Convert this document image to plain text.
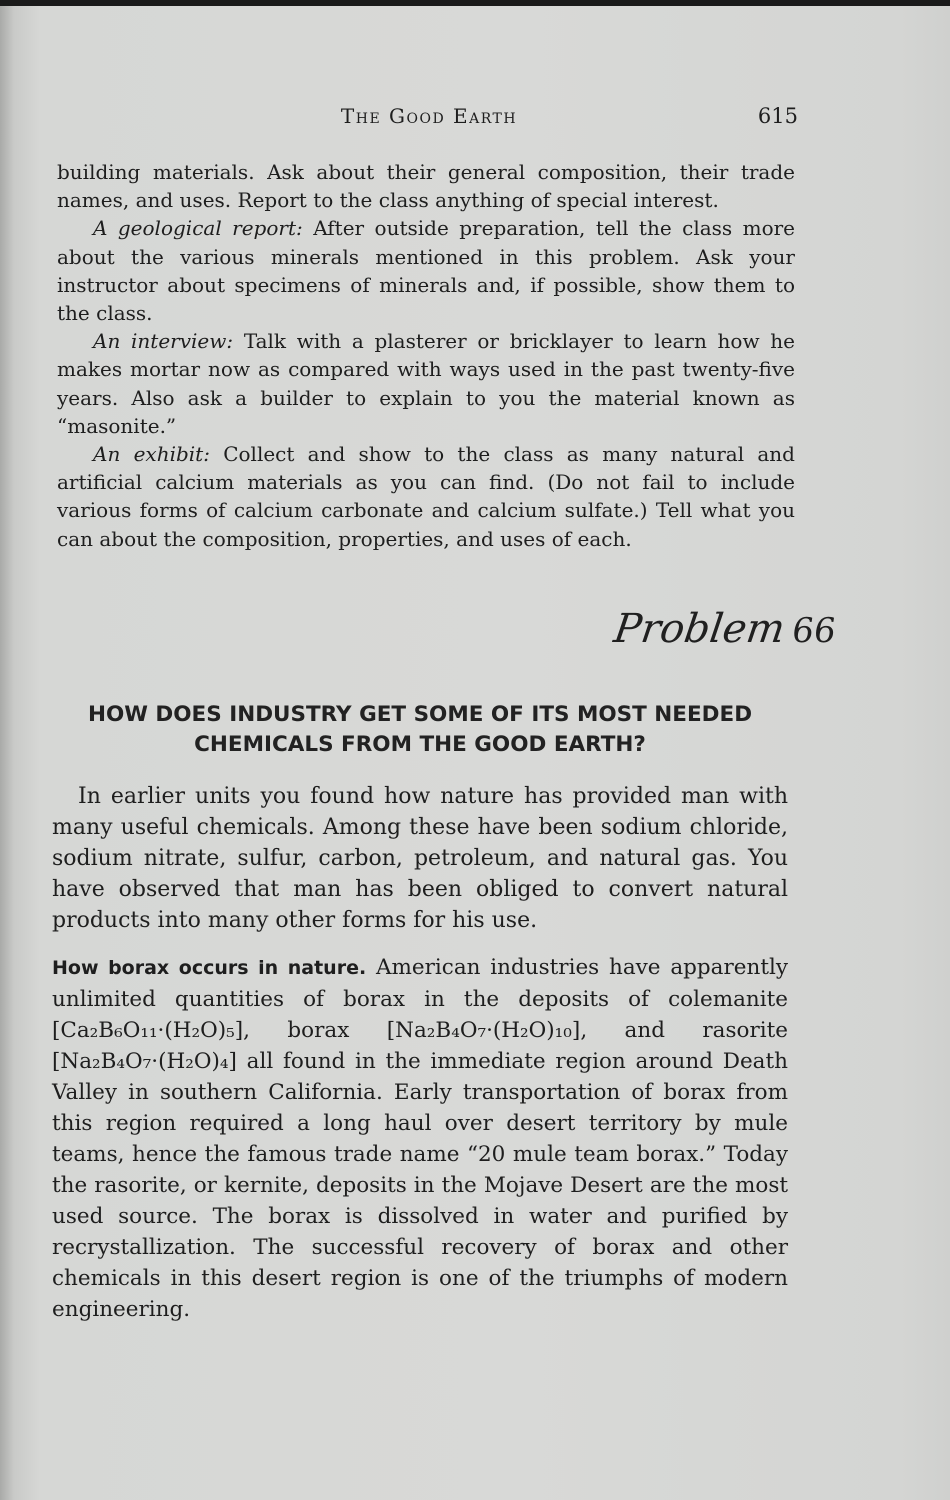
The Good Earth	615

building materials. Ask about their general composition, their trade names, and uses. Report to the class anything of special interest.

A geological report: After outside preparation, tell the class more about the various minerals mentioned in this problem. Ask your instructor about specimens of minerals and, if possible, show them to the class.

An interview: Talk with a plasterer or bricklayer to learn how he makes mortar now as compared with ways used in the past twenty-five years. Also ask a builder to explain to you the material known as “masonite.”

An exhibit: Collect and show to the class as many natural and artificial calcium materials as you can find. (Do not fail to include various forms of calcium carbonate and calcium sulfate.) Tell what you can about the composition, properties, and uses of each.

Problem66
HOW DOES INDUSTRY GET SOME OF ITS MOST NEEDED CHEMICALS FROM THE GOOD EARTH?

In earlier units you found how nature has provided man with many useful chemicals. Among these have been sodium chloride, sodium nitrate, sulfur, carbon, petroleum, and natural gas. You have observed that man has been obliged to convert natural products into many other forms for his use.

How borax occurs in nature. American industries have apparently unlimited quantities of borax in the deposits of colemanite [Ca₂B₆O₁₁·(H₂O)₅], borax [Na₂B₄O₇·(H₂O)₁₀], and rasorite [Na₂B₄O₇·(H₂O)₄] all found in the immediate region around Death Valley in southern California. Early transportation of borax from this region required a long haul over desert territory by mule teams, hence the famous trade name “20 mule team borax.” Today the rasorite, or kernite, deposits in the Mojave Desert are the most used source. The borax is dissolved in water and purified by recrystallization. The successful recovery of borax and other chemicals in this desert region is one of the triumphs of modern engineering.
